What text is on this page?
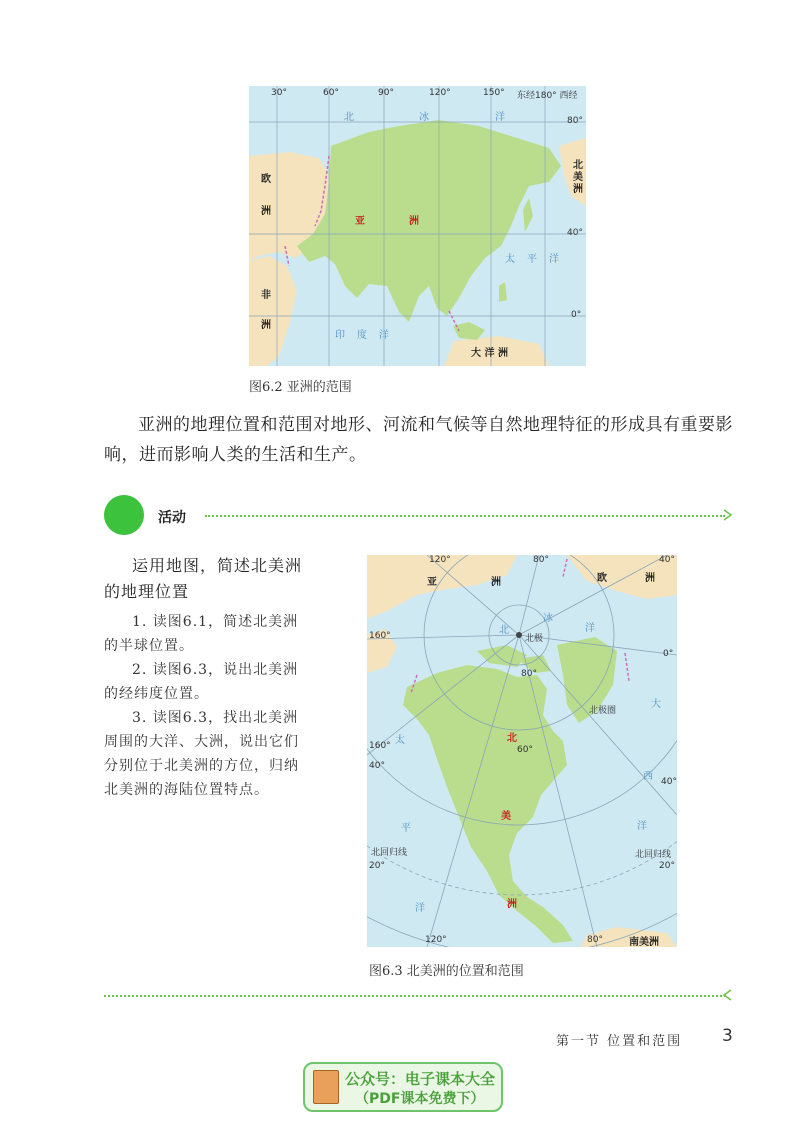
30°	60°	90°	120°	150° 东经180° 西经
80°
40°
0°
北	冰	洋
欧
洲
亚	洲
非
洲
印 度 洋
太 平 洋
大 洋 洲
北
美
洲
图6.2 亚洲的范围
亚洲的地理位置和范围对地形、河流和气候等自然地理特征的形成具有重要影响，进而影响人类的生活和生产。
活动
运用地图，简述北美洲的地理位置
1. 读图6.1，简述北美洲的半球位置。
2. 读图6.3，说出北美洲的经纬度位置。
3. 读图6.3，找出北美洲周围的大洋、大洲，说出它们分别位于北美洲的方位，归纳北美洲的海陆位置特点。
120°	80°	40°
160°
0°
80°
60°
160°
40°
40°
20°	20°
120°	80°
亚	洲	欧	洲
北
冰
洋
北极
北极圈
北
美
洲
太
平
洋
大
西
洋
北回归线	北回归线
南美洲
图6.3 北美洲的位置和范围
第一节 位置和范围 3
公众号：电子课本大全
（PDF课本免费下）
